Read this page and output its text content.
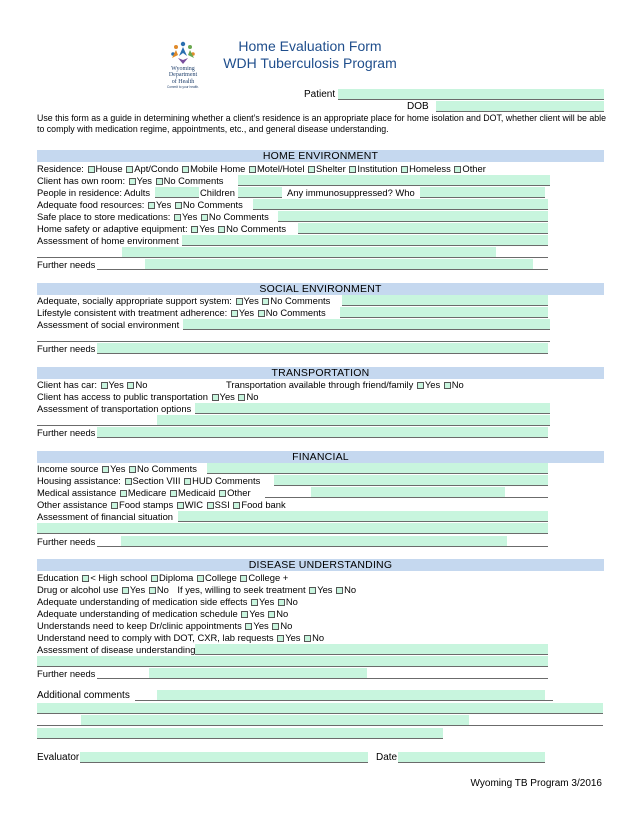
Wyoming
Department
of Health
Commit to your health.
Home Evaluation Form
WDH Tuberculosis Program
Patient
DOB
Use this form as a guide in determining whether a client’s residence is an appropriate place for home isolation and DOT, whether client will be able to comply with medication regime, appointments, etc., and general disease understanding.
HOME ENVIRONMENT
Residence: House Apt/Condo Mobile Home Motel/Hotel Shelter Institution Homeless Other
Client has own room: Yes No Comments
People in residence: Adults	Children	Any immunosuppressed? Who
Adequate food resources: Yes No Comments
Safe place to store medications: Yes No Comments
Home safety or adaptive equipment: Yes No Comments
Assessment of home environment
Further needs
SOCIAL ENVIRONMENT
Adequate, socially appropriate support system: Yes No Comments
Lifestyle consistent with treatment adherence: Yes No Comments
Assessment of social environment
Further needs
TRANSPORTATION
Client has car: Yes No	Transportation available through friend/family Yes No
Client has access to public transportation Yes No
Assessment of transportation options
Further needs
FINANCIAL
Income source Yes No Comments
Housing assistance: Section VIII HUD Comments
Medical assistance Medicare Medicaid Other
Other assistance Food stamps WIC SSI Food bank
Assessment of financial situation
Further needs
DISEASE UNDERSTANDING
Education < High school Diploma College College +
Drug or alcohol use Yes No If yes, willing to seek treatment Yes No
Adequate understanding of medication side effects Yes No
Adequate understanding of medication schedule Yes No
Understands need to keep Dr/clinic appointments Yes No
Understand need to comply with DOT, CXR, lab requests Yes No
Assessment of disease understanding
Further needs
Additional comments
Evaluator	Date
Wyoming TB Program 3/2016
